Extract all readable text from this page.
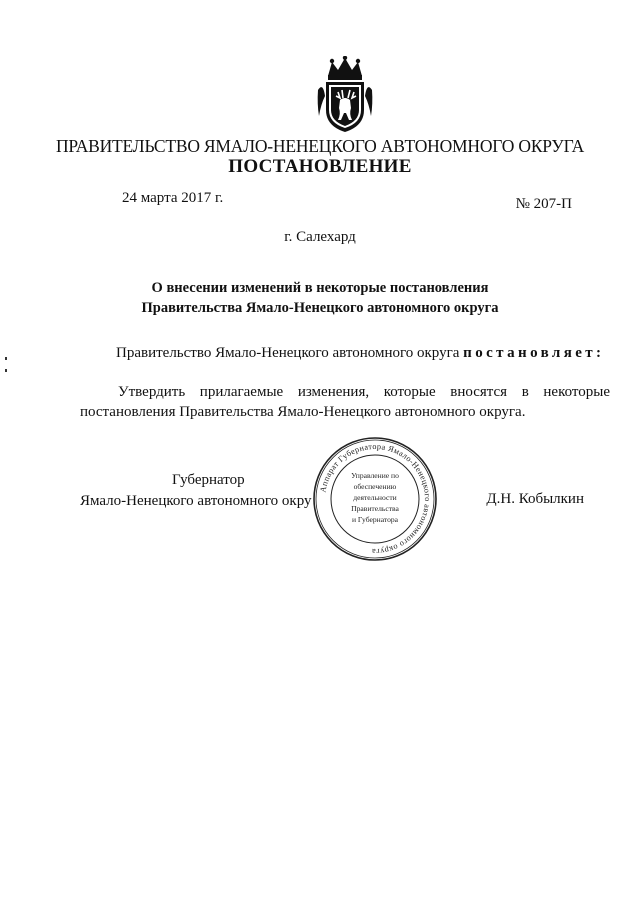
ПРАВИТЕЛЬСТВО ЯМАЛО-НЕНЕЦКОГО АВТОНОМНОГО ОКРУГА
ПОСТАНОВЛЕНИЕ
24 марта 2017 г.	№ 207-П
г. Салехард
О внесении изменений в некоторые постановления
Правительства Ямало-Ненецкого автономного округа
Правительство Ямало-Ненецкого автономного округа постановляет:
Утвердить прилагаемые изменения, которые вносятся в некоторые
постановления Правительства Ямало-Ненецкого автономного округа.
Губернатор
Ямало-Ненецкого автономного окру	Д.Н. Кобылкин
Аппарат Губернатора Ямало-Ненецкого автономного округа
Управление по
обеспечению
деятельности
Правительства
и Губернатора
